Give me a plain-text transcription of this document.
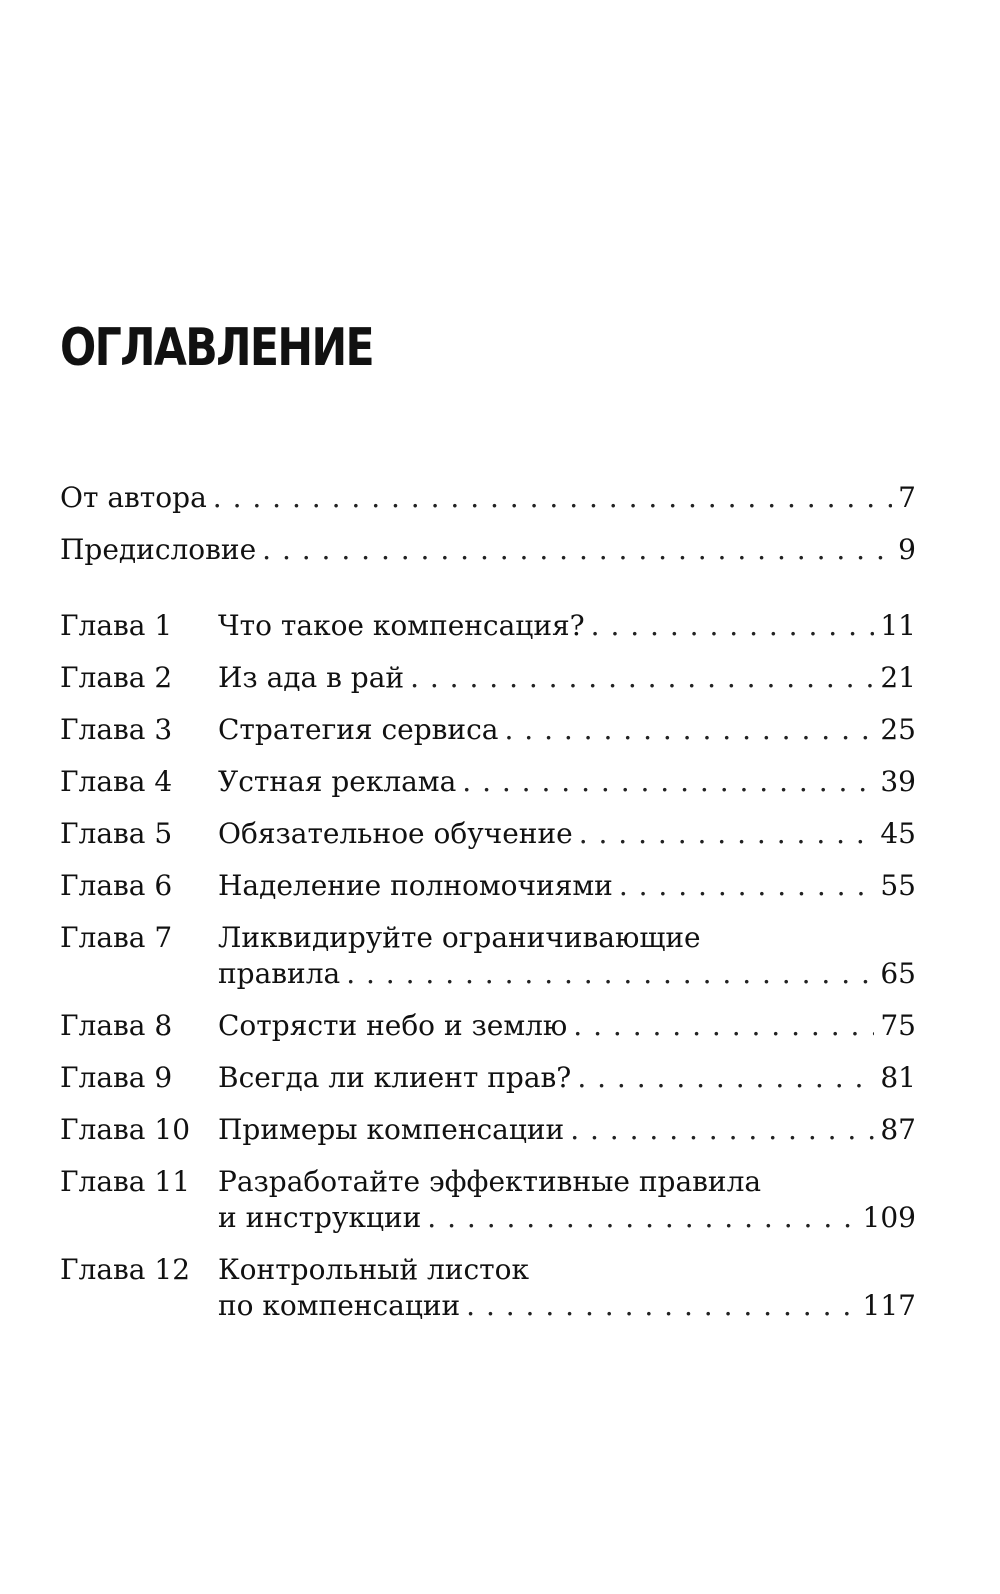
ОГЛАВЛЕНИЕ
От автора . . .	7
Предисловие . . .	9
Глава 1	Что такое компенсация? . . .	11
Глава 2	Из ада в рай . . .	21
Глава 3	Стратегия сервиса . . .	25
Глава 4	Устная реклама . . .	39
Глава 5	Обязательное обучение . . .	45
Глава 6	Наделение полномочиями . . .	55
Глава 7	Ликвидируйте ограничивающие
правила . . .	65
Глава 8	Сотрясти небо и землю . . .	75
Глава 9	Всегда ли клиент прав? . . .	81
Глава 10 Примеры компенсации . . .	87
Глава 11 Разработайте эффективные правила
и инструкции . . .	109
Глава 12 Контрольный листок
по компенсации . . .	117
